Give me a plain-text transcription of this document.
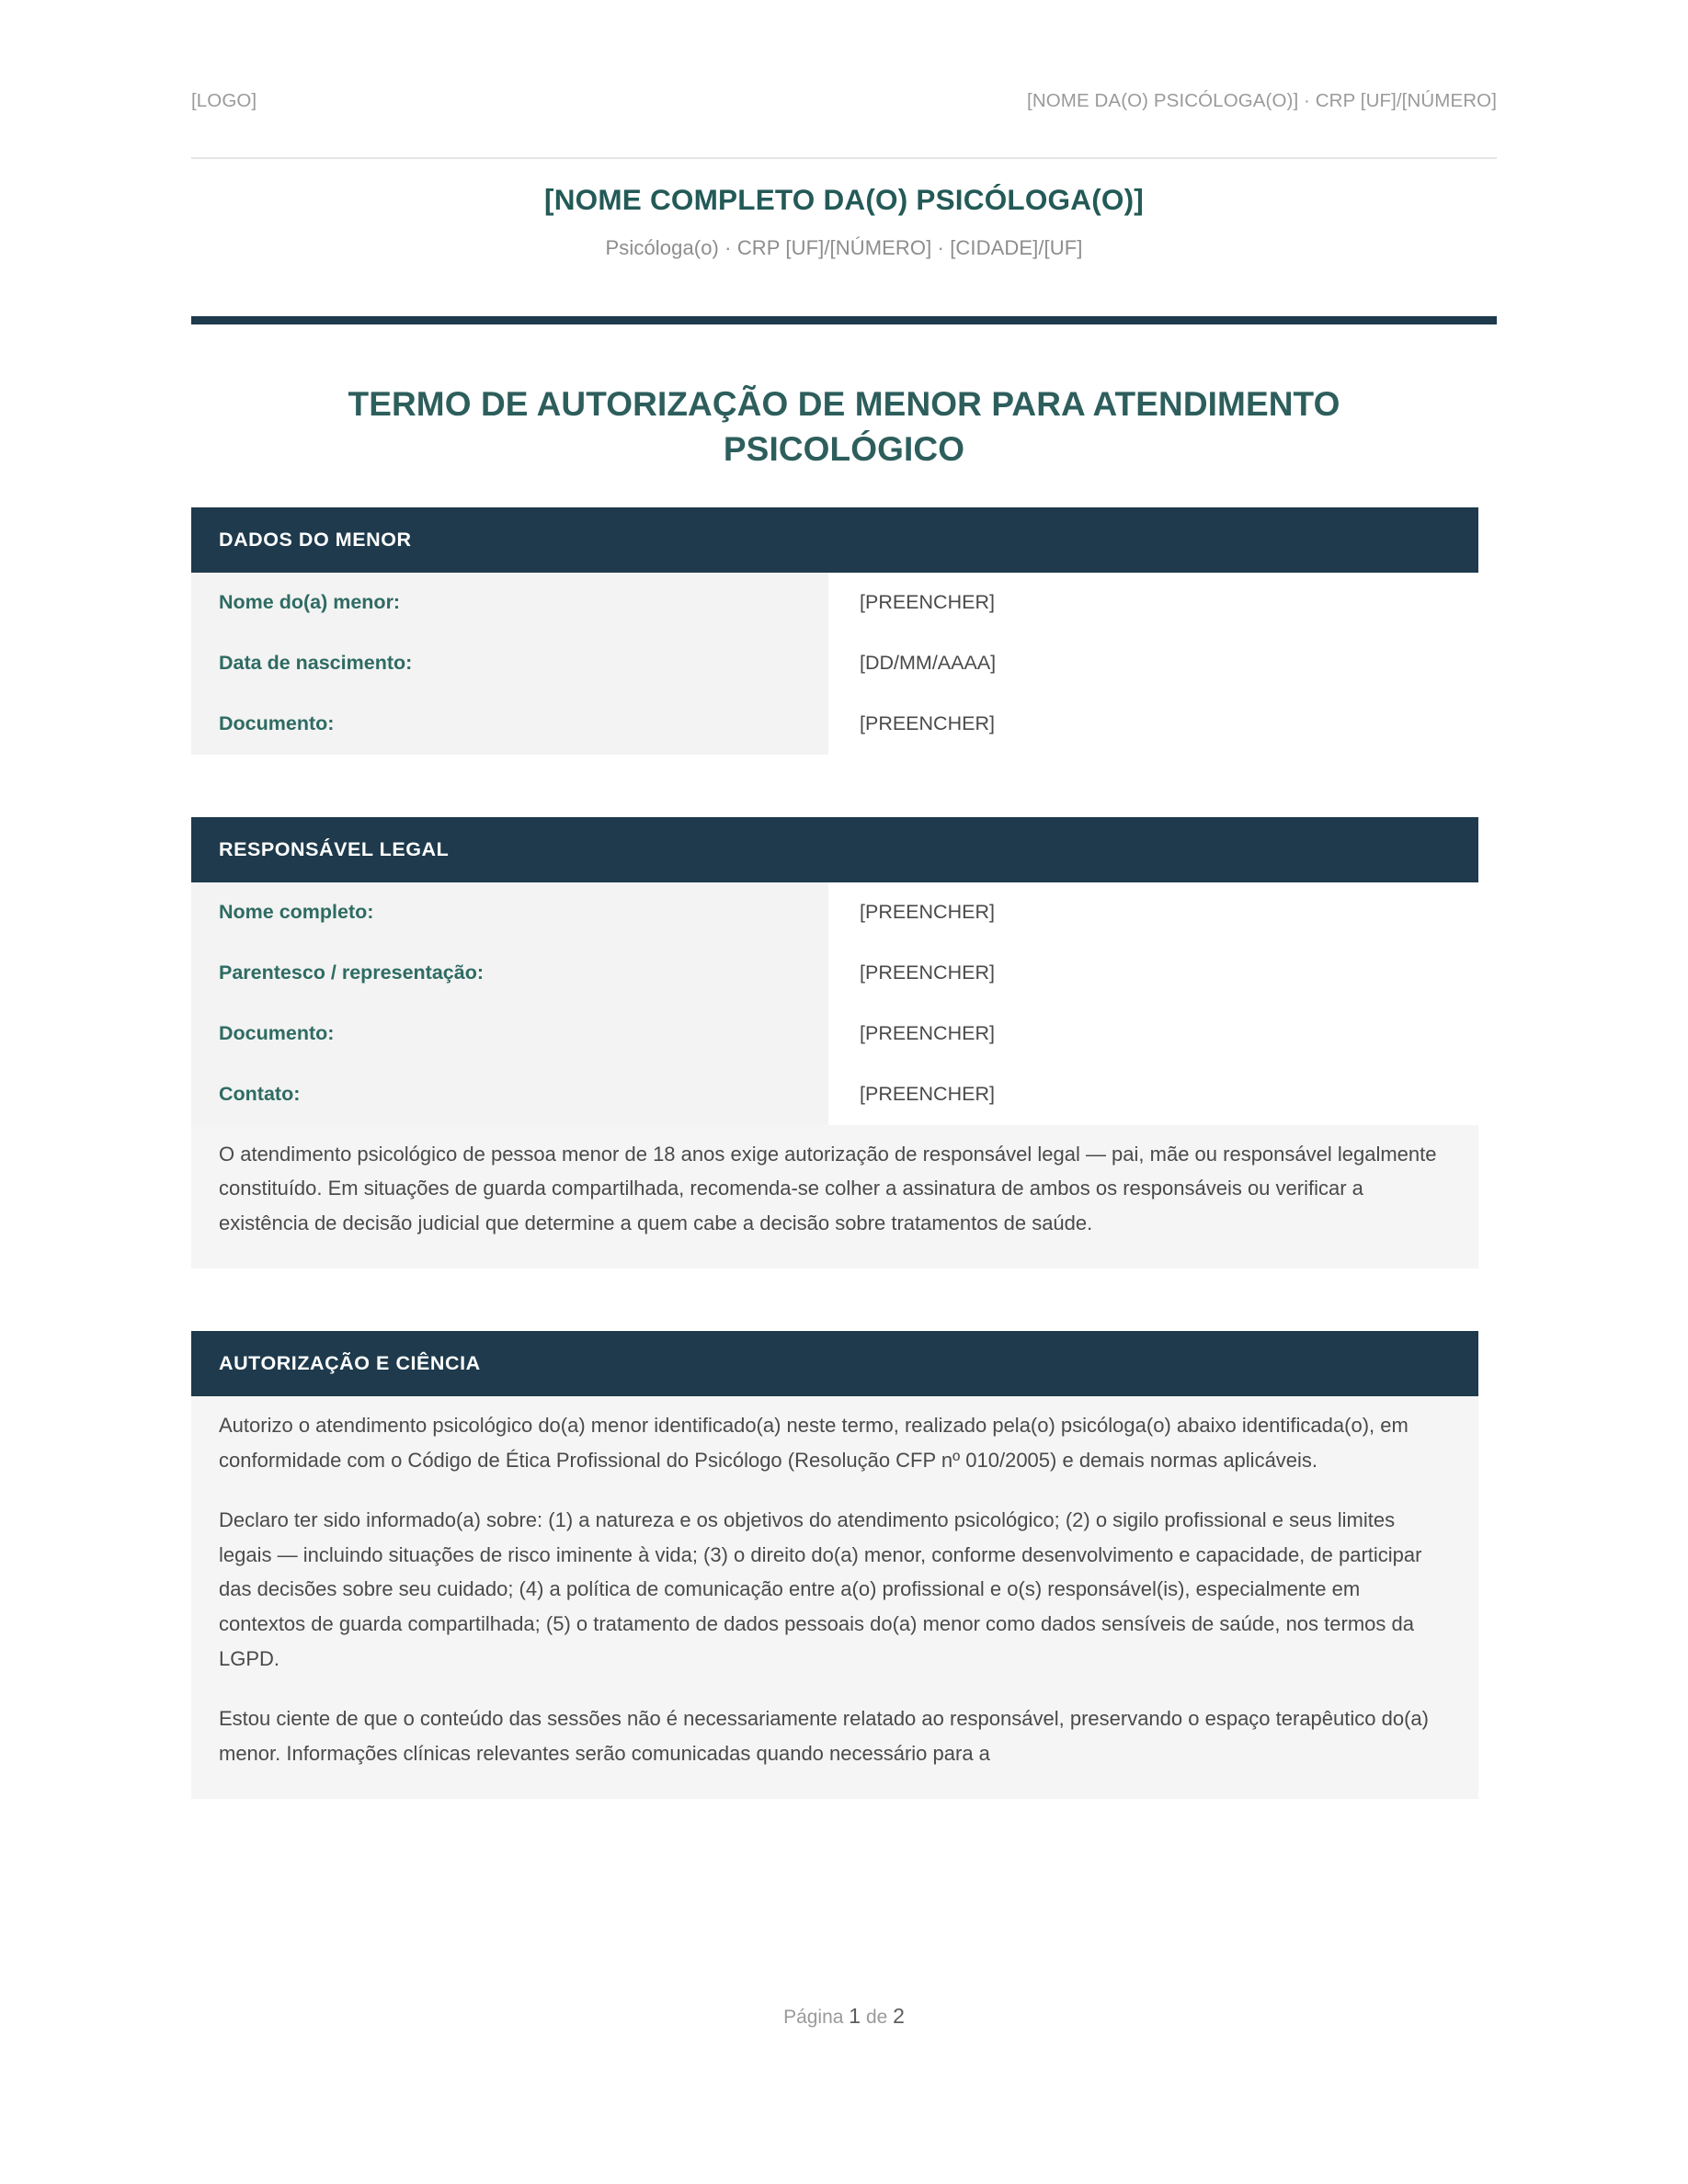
[LOGO]	[NOME DA(O) PSICÓLOGA(O)] · CRP [UF]/[NÚMERO]
[NOME COMPLETO DA(O) PSICÓLOGA(O)]
Psicóloga(o) · CRP [UF]/[NÚMERO] · [CIDADE]/[UF]
TERMO DE AUTORIZAÇÃO DE MENOR PARA ATENDIMENTO PSICOLÓGICO
DADOS DO MENOR
Nome do(a) menor:	[PREENCHER]
Data de nascimento:	[DD/MM/AAAA]
Documento:	[PREENCHER]
RESPONSÁVEL LEGAL
Nome completo:	[PREENCHER]
Parentesco / representação:	[PREENCHER]
Documento:	[PREENCHER]
Contato:	[PREENCHER]

O atendimento psicológico de pessoa menor de 18 anos exige autorização de responsável legal — pai, mãe ou responsável legalmente constituído. Em situações de guarda compartilhada, recomenda-se colher a assinatura de ambos os responsáveis ou verificar a existência de decisão judicial que determine a quem cabe a decisão sobre tratamentos de saúde.

AUTORIZAÇÃO E CIÊNCIA

Autorizo o atendimento psicológico do(a) menor identificado(a) neste termo, realizado pela(o) psicóloga(o) abaixo identificada(o), em conformidade com o Código de Ética Profissional do Psicólogo (Resolução CFP nº 010/2005) e demais normas aplicáveis.

Declaro ter sido informado(a) sobre: (1) a natureza e os objetivos do atendimento psicológico; (2) o sigilo profissional e seus limites legais — incluindo situações de risco iminente à vida; (3) o direito do(a) menor, conforme desenvolvimento e capacidade, de participar das decisões sobre seu cuidado; (4) a política de comunicação entre a(o) profissional e o(s) responsável(is), especialmente em contextos de guarda compartilhada; (5) o tratamento de dados pessoais do(a) menor como dados sensíveis de saúde, nos termos da LGPD.

Estou ciente de que o conteúdo das sessões não é necessariamente relatado ao responsável, preservando o espaço terapêutico do(a) menor. Informações clínicas relevantes serão comunicadas quando necessário para a

Página 1 de 2
